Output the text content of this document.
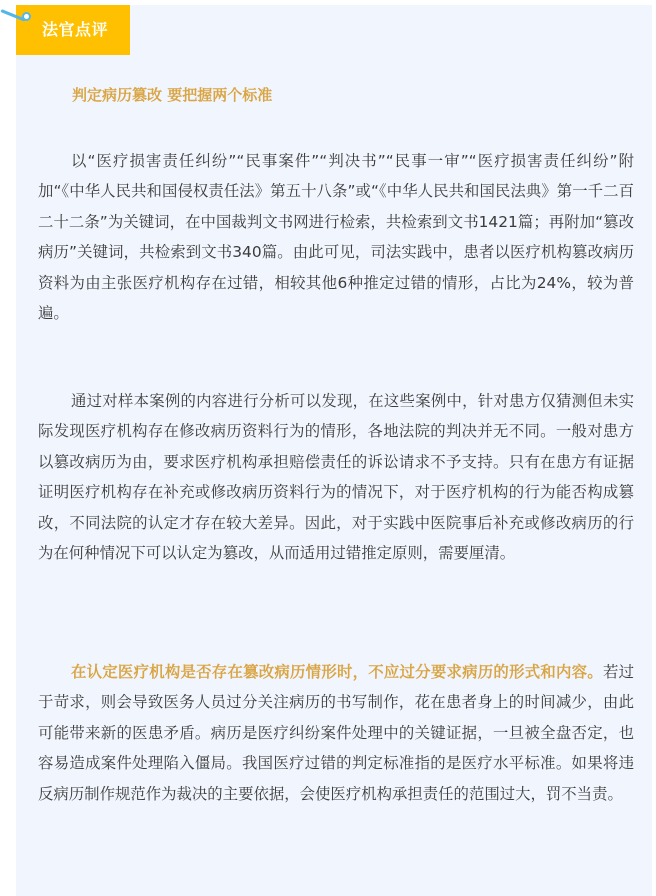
法官点评

判定病历篡改 要把握两个标准

以“医疗损害责任纠纷”“民事案件”“判决书”“民事一审”“医疗损害责任纠纷”附加“《中华人民共和国侵权责任法》第五十八条”或“《中华人民共和国民法典》第一千二百二十二条”为关键词，在中国裁判文书网进行检索，共检索到文书1421篇；再附加“篡改病历”关键词，共检索到文书340篇。由此可见，司法实践中，患者以医疗机构篡改病历资料为由主张医疗机构存在过错，相较其他6种推定过错的情形，占比为24%，较为普遍。

通过对样本案例的内容进行分析可以发现，在这些案例中，针对患方仅猜测但未实际发现医疗机构存在修改病历资料行为的情形，各地法院的判决并无不同。一般对患方以篡改病历为由，要求医疗机构承担赔偿责任的诉讼请求不予支持。只有在患方有证据证明医疗机构存在补充或修改病历资料行为的情况下，对于医疗机构的行为能否构成篡改，不同法院的认定才存在较大差异。因此，对于实践中医院事后补充或修改病历的行为在何种情况下可以认定为篡改，从而适用过错推定原则，需要厘清。

在认定医疗机构是否存在篡改病历情形时，不应过分要求病历的形式和内容。若过于苛求，则会导致医务人员过分关注病历的书写制作，花在患者身上的时间减少，由此可能带来新的医患矛盾。病历是医疗纠纷案件处理中的关键证据，一旦被全盘否定，也容易造成案件处理陷入僵局。我国医疗过错的判定标准指的是医疗水平标准。如果将违反病历制作规范作为裁决的主要依据，会使医疗机构承担责任的范围过大，罚不当责。
